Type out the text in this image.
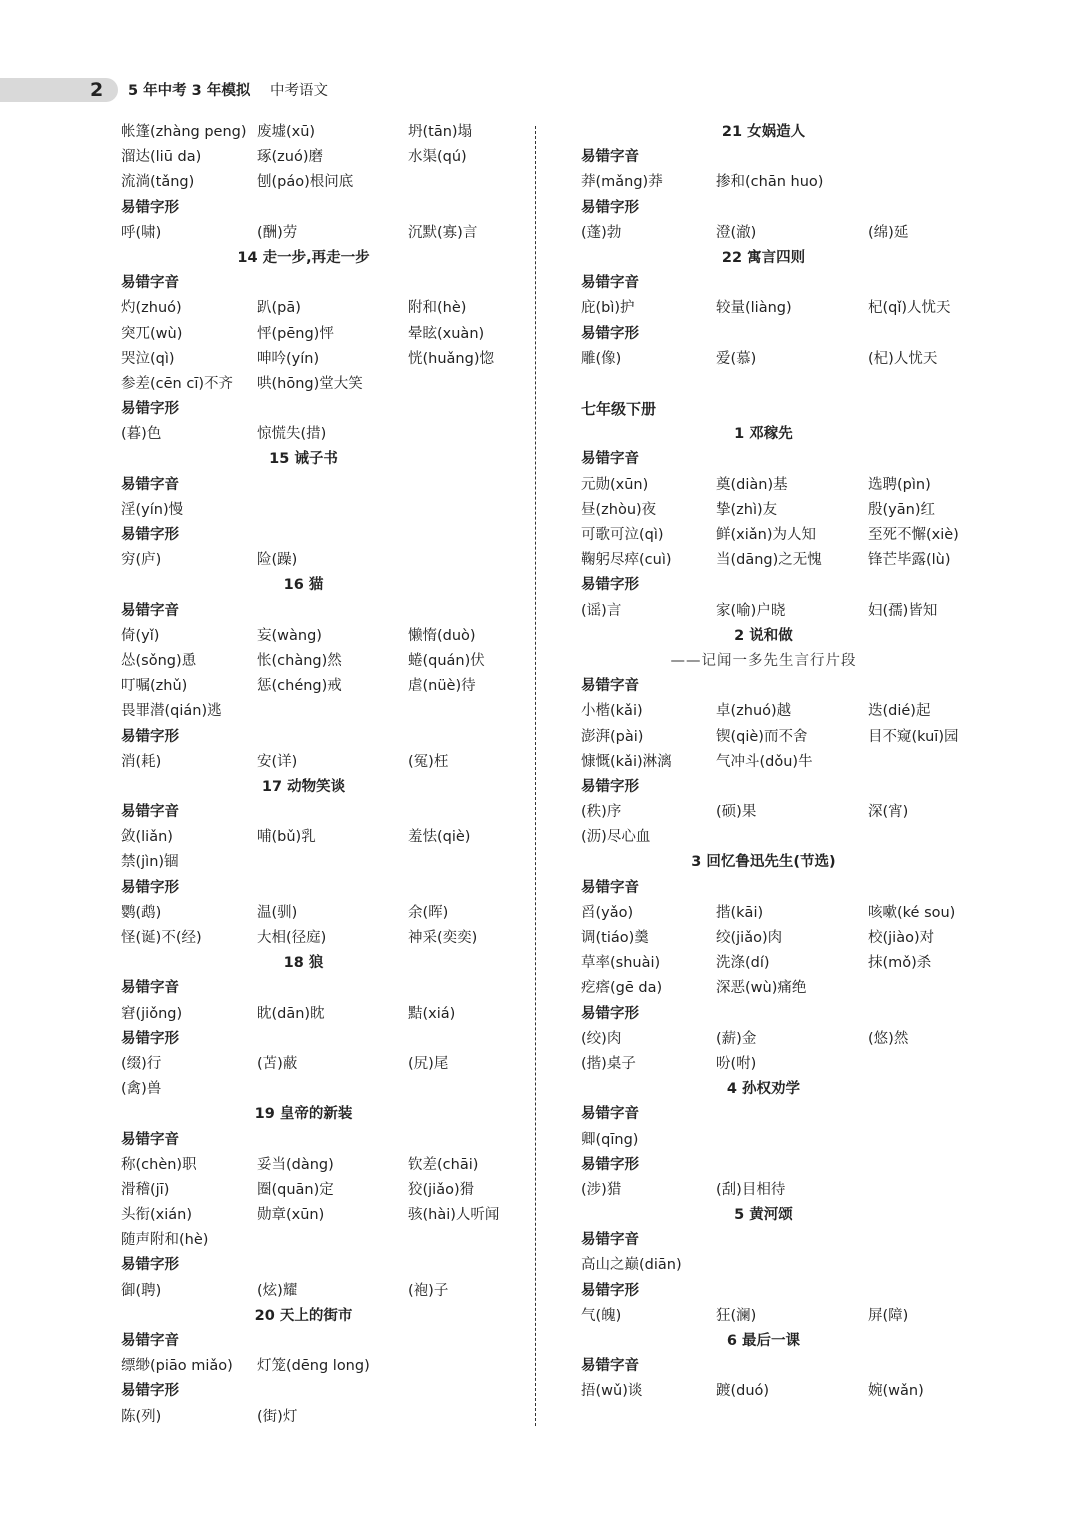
2 5 年中考 3 年模拟 中考语文
帐篷(zhàng peng) 废墟(xū)	坍(tān)塌
溜达(liū da)	琢(zuó)磨	水渠(qú)
流淌(tǎng)	刨(páo)根问底
易错字形
呼(啸)	(酬)劳	沉默(寡)言
14 走一步,再走一步
易错字音
灼(zhuó)	趴(pā)	附和(hè)
突兀(wù)	怦(pēng)怦	晕眩(xuàn)
哭泣(qì)	呻吟(yín)	恍(huǎng)惚
参差(cēn cī)不齐 哄(hōng)堂大笑
易错字形
(暮)色	惊慌失(措)
15 诫子书
易错字音
淫(yín)慢
易错字形
穷(庐)	险(躁)
16 猫
易错字音
倚(yǐ)	妄(wàng)	懒惰(duò)
怂(sǒng)恿	怅(chàng)然	蜷(quán)伏
叮嘱(zhǔ)	惩(chéng)戒	虐(nüè)待
畏罪潜(qián)逃
易错字形
消(耗)	安(详)	(冤)枉
17 动物笑谈
易错字音
敛(liǎn)	哺(bǔ)乳	羞怯(qiè)
禁(jìn)锢
易错字形
鹦(鹉)	温(驯)	余(晖)
怪(诞)不(经)	大相(径庭)	神采(奕奕)
18 狼
易错字音
窘(jiǒng)	眈(dān)眈	黠(xiá)
易错字形
(缀)行	(苫)蔽	(尻)尾
(禽)兽
19 皇帝的新装
易错字音
称(chèn)职	妥当(dàng)	钦差(chāi)
滑稽(jī)	圈(quān)定	狡(jiǎo)猾
头衔(xián)	勋章(xūn)	骇(hài)人听闻
随声附和(hè)
易错字形
御(聘)	(炫)耀	(袍)子
20 天上的街市
易错字音
缥缈(piāo miǎo) 灯笼(dēng long)
易错字形
陈(列)	(街)灯
21 女娲造人
易错字音
莽(mǎng)莽	掺和(chān huo)
易错字形
(蓬)勃	澄(澈)	(绵)延
22 寓言四则
易错字音
庇(bì)护	较量(liàng)	杞(qǐ)人忧天
易错字形
雕(像)	爱(慕)	(杞)人忧天
七年级下册
1 邓稼先
易错字音
元勋(xūn)	奠(diàn)基	选聘(pìn)
昼(zhòu)夜	挚(zhì)友	殷(yān)红
可歌可泣(qì)	鲜(xiǎn)为人知	至死不懈(xiè)
鞠躬尽瘁(cuì)	当(dāng)之无愧	锋芒毕露(lù)
易错字形
(谣)言	家(喻)户晓	妇(孺)皆知
2 说和做
——记闻一多先生言行片段
易错字音
小楷(kǎi)	卓(zhuó)越	迭(dié)起
澎湃(pài)	锲(qiè)而不舍	目不窥(kuī)园
慷慨(kǎi)淋漓	气冲斗(dǒu)牛
易错字形
(秩)序	(硕)果	深(宵)
(沥)尽心血
3 回忆鲁迅先生(节选)
易错字音
舀(yǎo)	揩(kāi)	咳嗽(ké sou)
调(tiáo)羹	绞(jiǎo)肉	校(jiào)对
草率(shuài)	洗涤(dí)	抹(mǒ)杀
疙瘩(gē da)	深恶(wù)痛绝
易错字形
(绞)肉	(薪)金	(悠)然
(揩)桌子	吩(咐)
4 孙权劝学
易错字音
卿(qīng)
易错字形
(涉)猎	(刮)目相待
5 黄河颂
易错字音
高山之巅(diān)
易错字形
气(魄)	狂(澜)	屏(障)
6 最后一课
易错字音
捂(wǔ)谈	踱(duó)	婉(wǎn)
